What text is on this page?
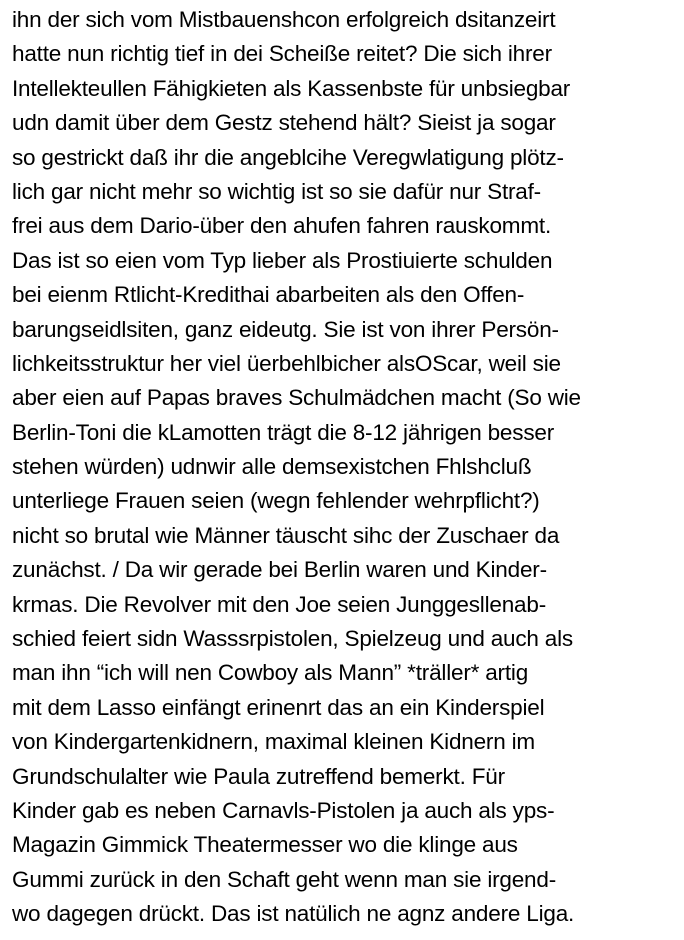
ihn der sich vom Mistbauenshcon erfolgreich dsitanzeirt
hatte nun richtig tief in dei Scheiße reitet? Die sich ihrer
Intellekteullen Fähigkieten als Kassenbste für unbsiegbar
udn damit über dem Gestz stehend hält? Sieist ja sogar
so gestrickt daß ihr die angeblcihe Veregwlatigung plötz-
lich gar nicht mehr so wichtig ist so sie dafür nur Straf-
frei aus dem Dario-über den ahufen fahren rauskommt.
Das ist so eien vom Typ lieber als Prostiuierte schulden
bei eienm Rtlicht-Kredithai abarbeiten als den Offen-
barungseidlsiten, ganz eideutg. Sie ist von ihrer Persön-
lichkeitsstruktur her viel üerbehlbicher alsOScar, weil sie
aber eien auf Papas braves Schulmädchen macht (So wie
Berlin-Toni die kLamotten trägt die 8-12 jährigen besser
stehen würden) udnwir alle demsexistchen Fhlshcluß
unterliege Frauen seien (wegn fehlender wehrpflicht?)
nicht so brutal wie Männer täuscht sihc der Zuschaer da
zunächst. / Da wir gerade bei Berlin waren und Kinder-
krmas. Die Revolver mit den Joe seien Junggesllenab-
schied feiert sidn Wasssrpistolen, Spielzeug und auch als
man ihn “ich will nen Cowboy als Mann” *träller* artig
mit dem Lasso einfängt erinenrt das an ein Kinderspiel
von Kindergartenkidnern, maximal kleinen Kidnern im
Grundschulalter wie Paula zutreffend bemerkt. Für
Kinder gab es neben Carnavls-Pistolen ja auch als yps-
Magazin Gimmick Theatermesser wo die klinge aus
Gummi zurück in den Schaft geht wenn man sie irgend-
wo dagegen drückt. Das ist natülich ne agnz andere Liga.
